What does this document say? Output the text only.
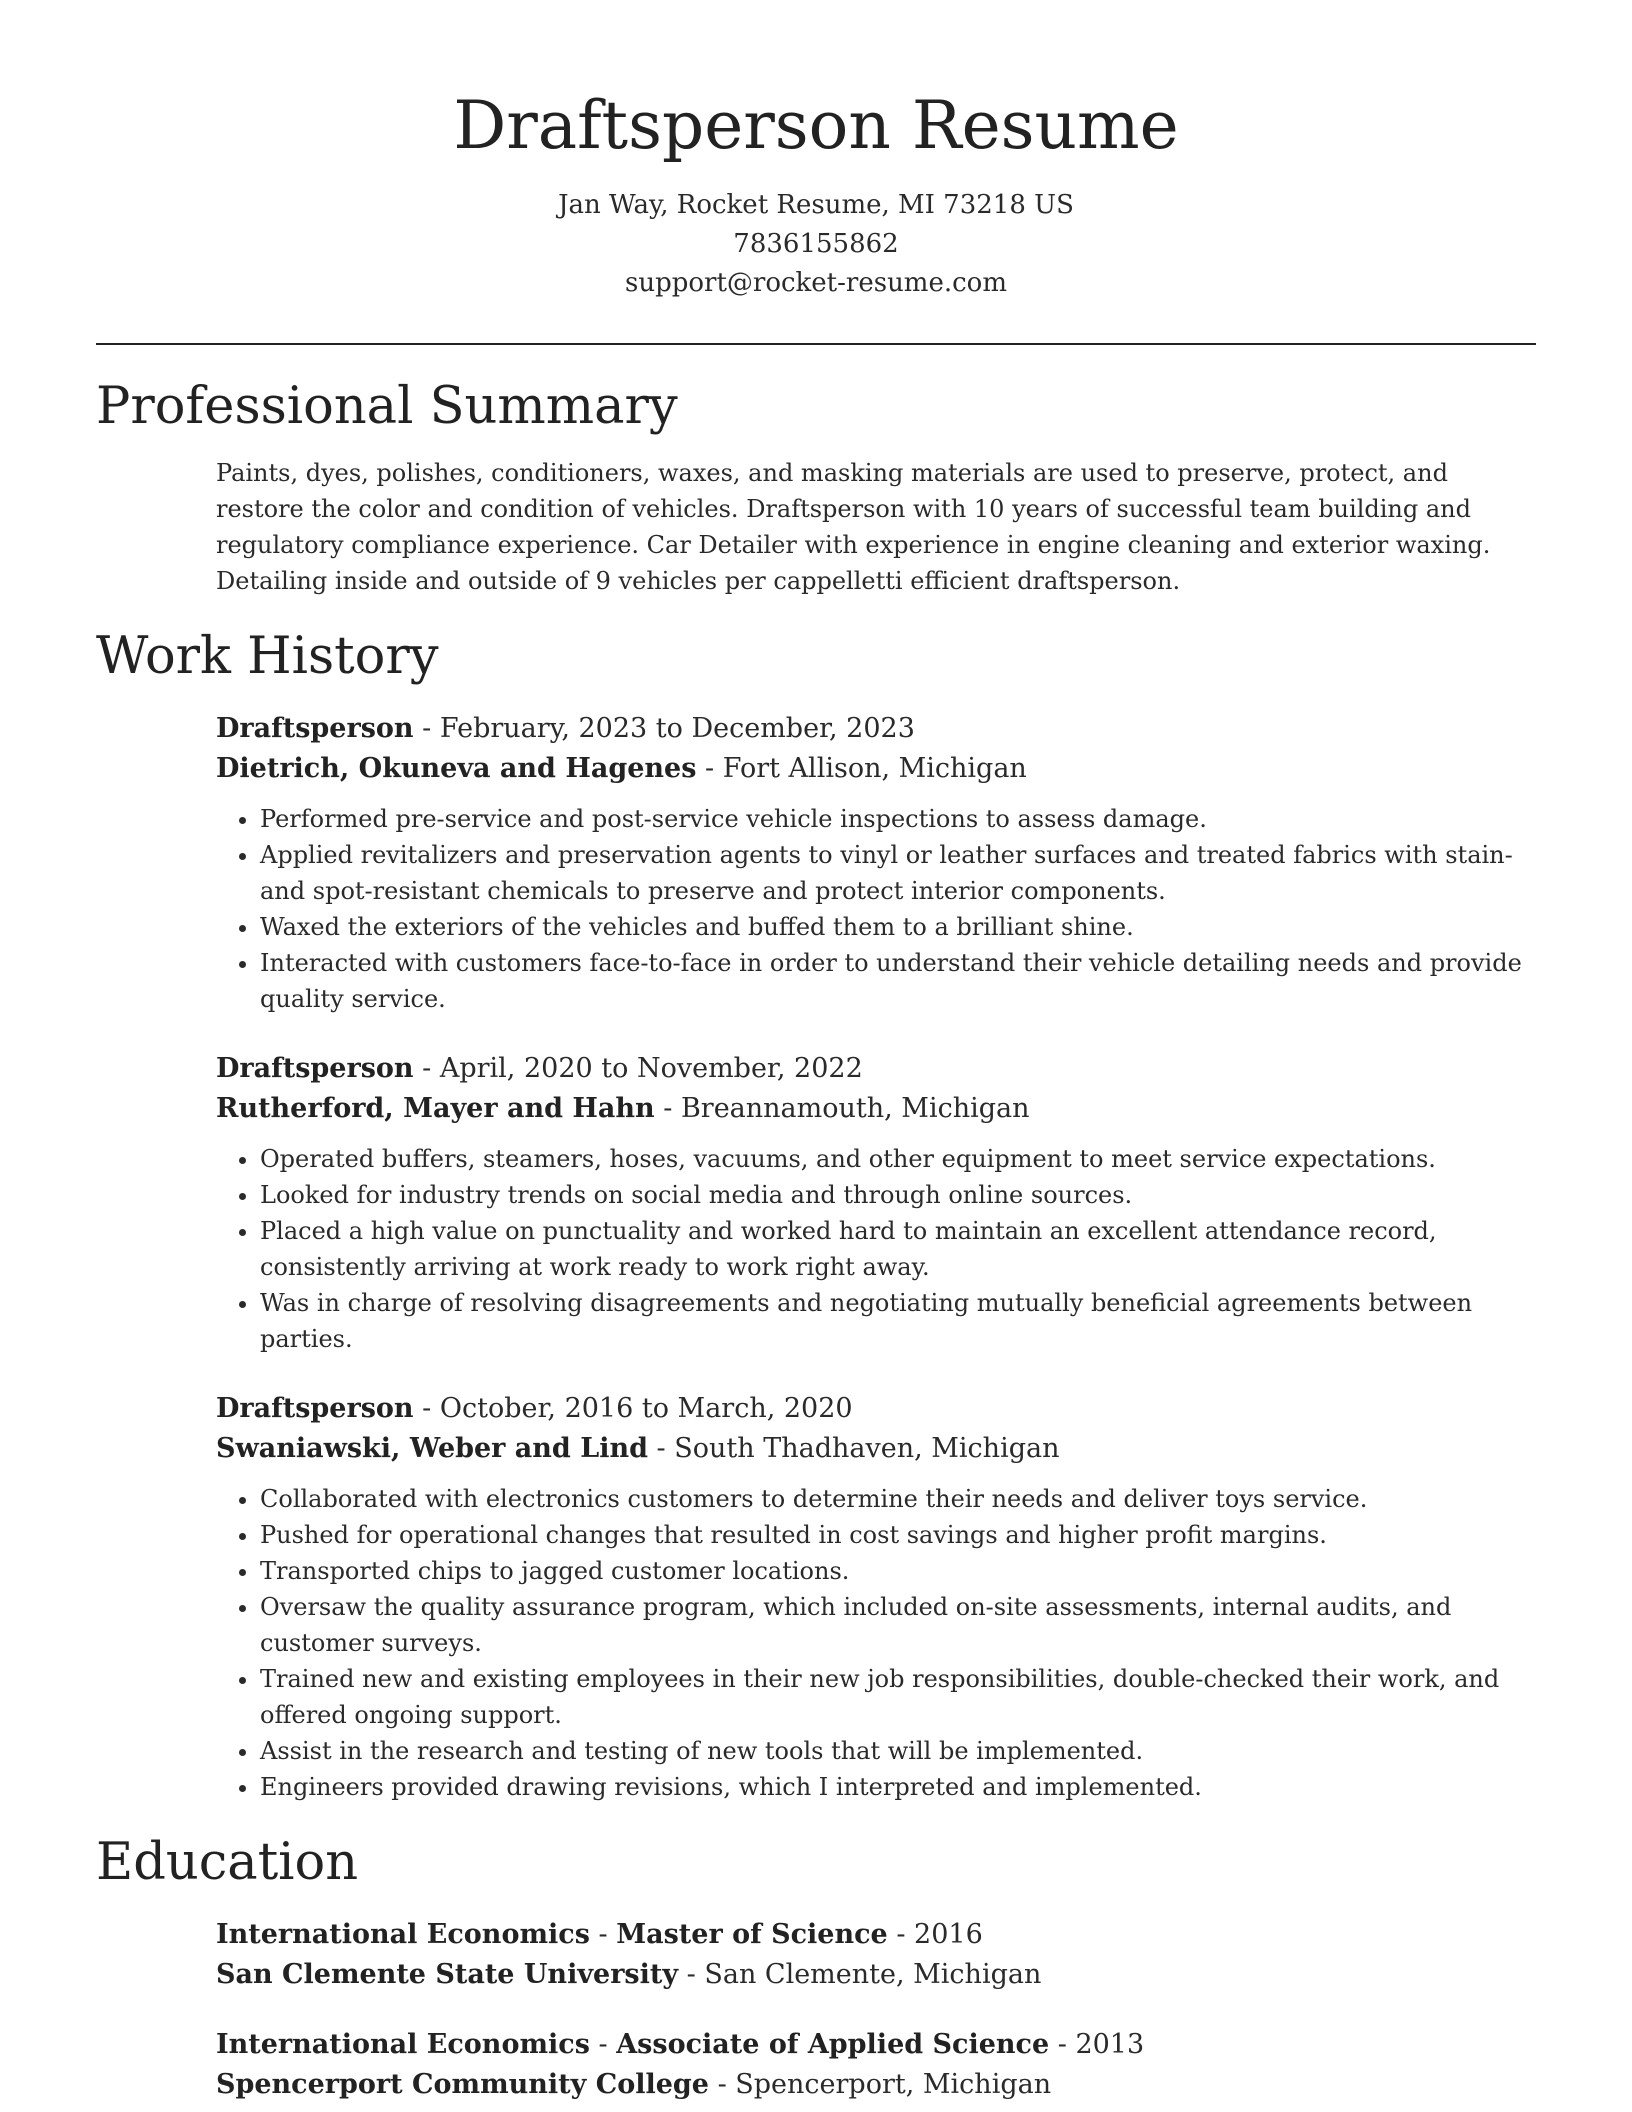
Draftsperson Resume
Jan Way, Rocket Resume, MI 73218 US
7836155862
support@rocket-resume.com
Professional Summary

Paints, dyes, polishes, conditioners, waxes, and masking materials are used to preserve, protect, and restore the color and condition of vehicles. Draftsperson with 10 years of successful team building and regulatory compliance experience. Car Detailer with experience in engine cleaning and exterior waxing. Detailing inside and outside of 9 vehicles per cappelletti efficient draftsperson.

Work History
Draftsperson - February, 2023 to December, 2023
Dietrich, Okuneva and Hagenes - Fort Allison, Michigan
• Performed pre-service and post-service vehicle inspections to assess damage.
• Applied revitalizers and preservation agents to vinyl or leather surfaces and treated fabrics with stain- and spot-resistant chemicals to preserve and protect interior components.
• Waxed the exteriors of the vehicles and buffed them to a brilliant shine.
• Interacted with customers face-to-face in order to understand their vehicle detailing needs and provide quality service.
Draftsperson - April, 2020 to November, 2022
Rutherford, Mayer and Hahn - Breannamouth, Michigan
• Operated buffers, steamers, hoses, vacuums, and other equipment to meet service expectations.
• Looked for industry trends on social media and through online sources.
• Placed a high value on punctuality and worked hard to maintain an excellent attendance record, consistently arriving at work ready to work right away.
• Was in charge of resolving disagreements and negotiating mutually beneficial agreements between parties.
Draftsperson - October, 2016 to March, 2020
Swaniawski, Weber and Lind - South Thadhaven, Michigan
• Collaborated with electronics customers to determine their needs and deliver toys service.
• Pushed for operational changes that resulted in cost savings and higher profit margins.
• Transported chips to jagged customer locations.
• Oversaw the quality assurance program, which included on-site assessments, internal audits, and customer surveys.
• Trained new and existing employees in their new job responsibilities, double-checked their work, and offered ongoing support.
• Assist in the research and testing of new tools that will be implemented.
• Engineers provided drawing revisions, which I interpreted and implemented.
Education
International Economics - Master of Science - 2016
San Clemente State University - San Clemente, Michigan
International Economics - Associate of Applied Science - 2013
Spencerport Community College - Spencerport, Michigan
